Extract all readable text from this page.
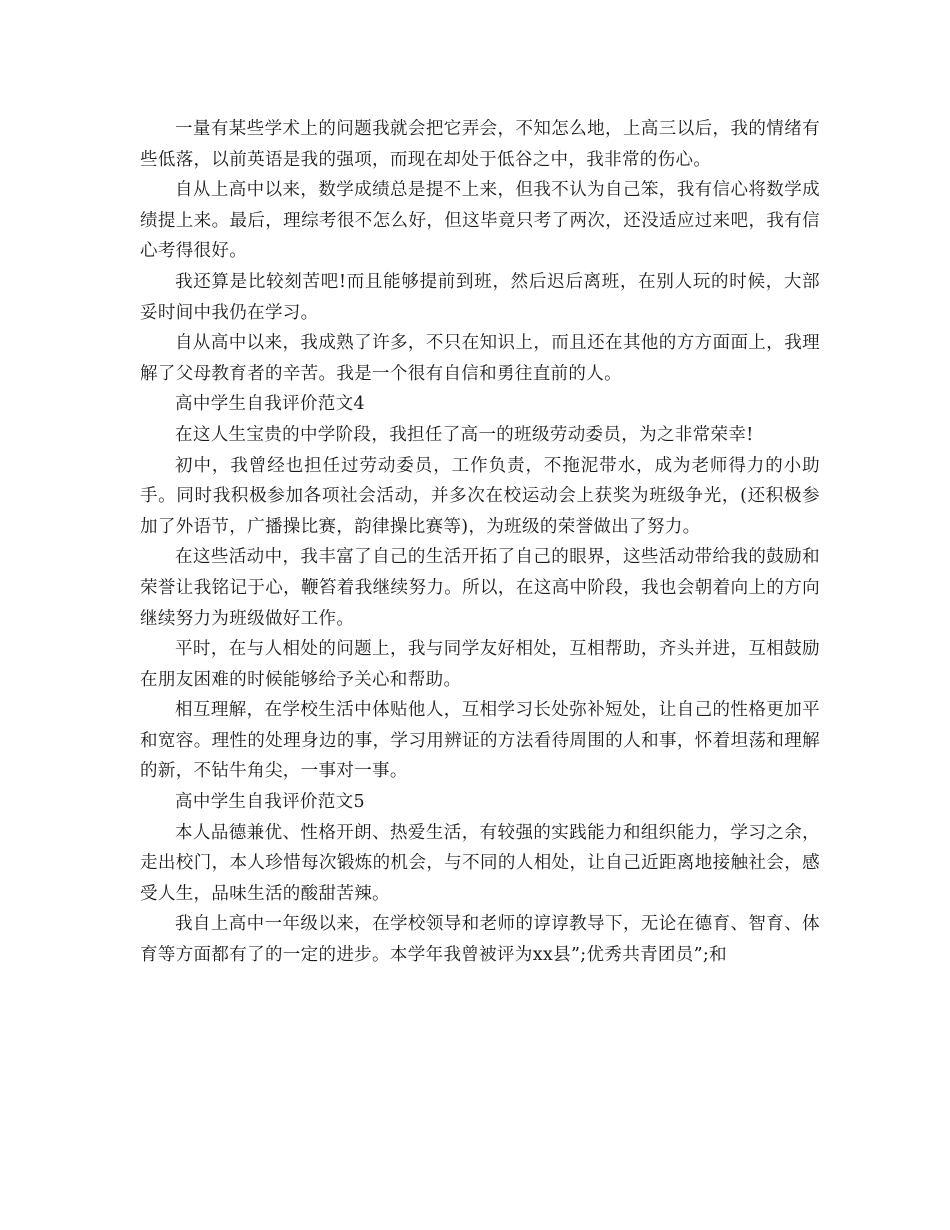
一量有某些学术上的问题我就会把它弄会，不知怎么地，上高三以后，我的情绪有些低落，以前英语是我的强项，而现在却处于低谷之中，我非常的伤心。

自从上高中以来，数学成绩总是提不上来，但我不认为自己笨，我有信心将数学成绩提上来。最后，理综考很不怎么好，但这毕竟只考了两次，还没适应过来吧，我有信心考得很好。

我还算是比较刻苦吧!而且能够提前到班，然后迟后离班，在别人玩的时候，大部妥时间中我仍在学习。

自从高中以来，我成熟了许多，不只在知识上，而且还在其他的方方面面上，我理解了父母教育者的辛苦。我是一个很有自信和勇往直前的人。

高中学生自我评价范文4

在这人生宝贵的中学阶段，我担任了高一的班级劳动委员，为之非常荣幸!

初中，我曾经也担任过劳动委员，工作负责，不拖泥带水，成为老师得力的小助手。同时我积极参加各项社会活动，并多次在校运动会上获奖为班级争光，(还积极参加了外语节，广播操比赛，韵律操比赛等)，为班级的荣誉做出了努力。

在这些活动中，我丰富了自己的生活开拓了自己的眼界，这些活动带给我的鼓励和荣誉让我铭记于心，鞭笞着我继续努力。所以，在这高中阶段，我也会朝着向上的方向继续努力为班级做好工作。

平时，在与人相处的问题上，我与同学友好相处，互相帮助，齐头并进，互相鼓励在朋友困难的时候能够给予关心和帮助。

相互理解，在学校生活中体贴他人，互相学习长处弥补短处，让自己的性格更加平和宽容。理性的处理身边的事，学习用辨证的方法看待周围的人和事，怀着坦荡和理解的新，不钻牛角尖，一事对一事。

高中学生自我评价范文5

本人品德兼优、性格开朗、热爱生活，有较强的实践能力和组织能力，学习之余，走出校门，本人珍惜每次锻炼的机会，与不同的人相处，让自己近距离地接触社会，感受人生，品味生活的酸甜苦辣。

我自上高中一年级以来，在学校领导和老师的谆谆教导下，无论在德育、智育、体育等方面都有了的一定的进步。本学年我曾被评为xx县”;优秀共青团员”;和
